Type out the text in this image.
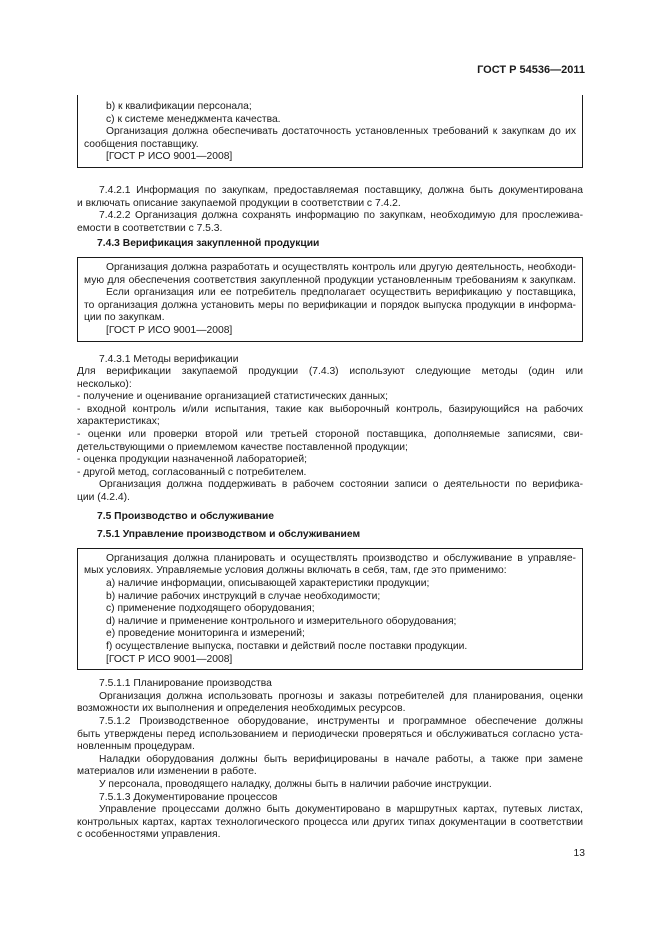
ГОСТ Р 54536—2011

b) к квалификации персонала;

c) к системе менеджмента качества.

Организация должна обеспечивать достаточность установленных требований к закупкам до их

сообщения поставщику.

[ГОСТ Р ИСО 9001—2008]

7.4.2.1 Информация по закупкам, предоставляемая поставщику, должна быть документирована

и включать описание закупаемой продукции в соответствии с 7.4.2.

7.4.2.2 Организация должна сохранять информацию по закупкам, необходимую для прослежива-

емости в соответствии с 7.5.3.

7.4.3 Верификация закупленной продукции

Организация должна разработать и осуществлять контроль или другую деятельность, необходи-

мую для обеспечения соответствия закупленной продукции установленным требованиям к закупкам.

Если организация или ее потребитель предполагает осуществить верификацию у поставщика,

то организация должна установить меры по верификации и порядок выпуска продукции в информа-

ции по закупкам.

[ГОСТ Р ИСО 9001—2008]

7.4.3.1 Методы верификации

Для верификации закупаемой продукции (7.4.3) используют следующие методы (один или

несколько):

- получение и оценивание организацией статистических данных;

- входной контроль и/или испытания, такие как выборочный контроль, базирующийся на рабочих

характеристиках;

- оценки или проверки второй или третьей стороной поставщика, дополняемые записями, сви-

детельствующими о приемлемом качестве поставленной продукции;

- оценка продукции назначенной лабораторией;

- другой метод, согласованный с потребителем.

Организация должна поддерживать в рабочем состоянии записи о деятельности по верифика-

ции (4.2.4).

7.5 Производство и обслуживание

7.5.1 Управление производством и обслуживанием

Организация должна планировать и осуществлять производство и обслуживание в управляе-

мых условиях. Управляемые условия должны включать в себя, там, где это применимо:

a) наличие информации, описывающей характеристики продукции;

b) наличие рабочих инструкций в случае необходимости;

c) применение подходящего оборудования;

d) наличие и применение контрольного и измерительного оборудования;

e) проведение мониторинга и измерений;

f) осуществление выпуска, поставки и действий после поставки продукции.

[ГОСТ Р ИСО 9001—2008]

7.5.1.1 Планирование производства

Организация должна использовать прогнозы и заказы потребителей для планирования, оценки

возможности их выполнения и определения необходимых ресурсов.

7.5.1.2 Производственное оборудование, инструменты и программное обеспечение должны

быть утверждены перед использованием и периодически проверяться и обслуживаться согласно уста-

новленным процедурам.

Наладки оборудования должны быть верифицированы в начале работы, а также при замене

материалов или изменении в работе.

У персонала, проводящего наладку, должны быть в наличии рабочие инструкции.

7.5.1.3 Документирование процессов

Управление процессами должно быть документировано в маршрутных картах, путевых листах,

контрольных картах, картах технологического процесса или других типах документации в соответствии

с особенностями управления.

13
